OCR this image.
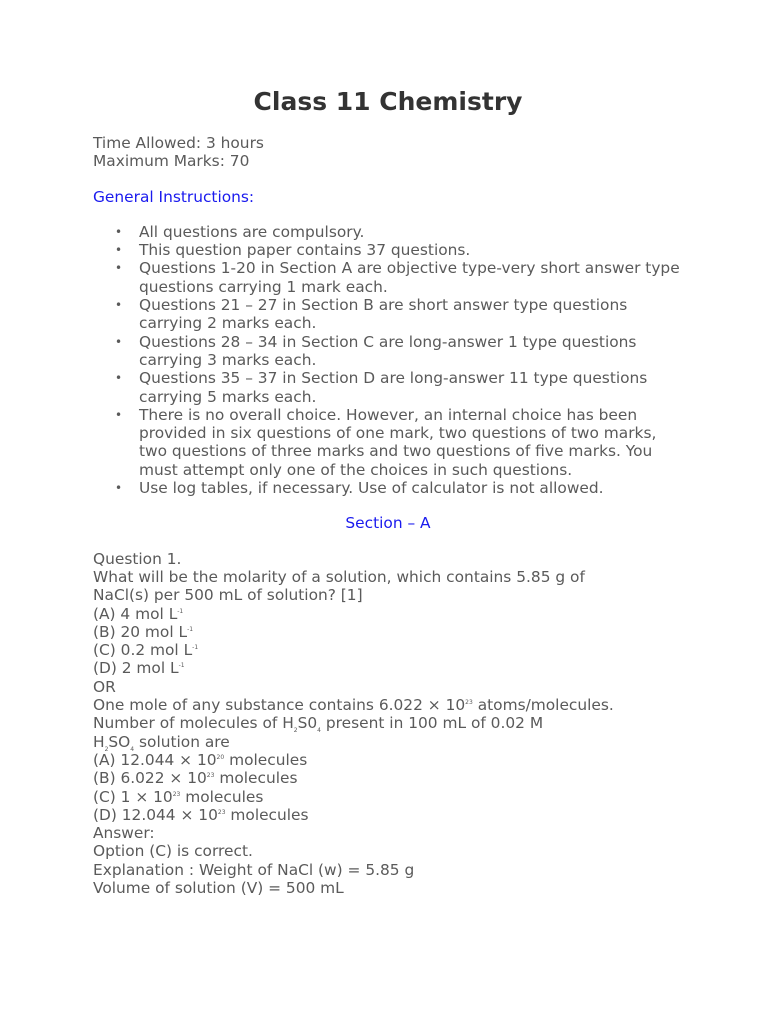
Class 11 Chemistry

Time Allowed: 3 hours

Maximum Marks: 70

General Instructions:

• All questions are compulsory.
• This question paper contains 37 questions.
• Questions 1-20 in Section A are objective type-very short answer type questions carrying 1 mark each.
• Questions 21 – 27 in Section B are short answer type questions carrying 2 marks each.
• Questions 28 – 34 in Section C are long-answer 1 type questions carrying 3 marks each.
• Questions 35 – 37 in Section D are long-answer 11 type questions carrying 5 marks each.
• There is no overall choice. However, an internal choice has been provided in six questions of one mark, two questions of two marks, two questions of three marks and two questions of five marks. You must attempt only one of the choices in such questions.
• Use log tables, if necessary. Use of calculator is not allowed.

Section – A

Question 1.

What will be the molarity of a solution, which contains 5.85 g of

NaCl(s) per 500 mL of solution? [1]

(A) 4 mol $L^{-1}$

(B) 20 mol $L^{-1}$

(C) 0.2 mol $L^{-1}$

(D) 2 mol $L^{-1}$

OR

One mole of any substance contains $6.022 \times 10^{23}$ atoms/molecules.

Number of molecules of $H_2S0_4$ present in 100 mL of 0.02 M

$H_2SO_4$ solution are

(A) $12.044 \times 10^{20}$ molecules

(B) $6.022 \times 10^{23}$ molecules

(C) $1 \times 10^{23}$ molecules

(D) $12.044 \times 10^{23}$ molecules

Answer:

Option (C) is correct.

Explanation : Weight of NaCl (w) = 5.85 g

Volume of solution (V) = 500 mL
